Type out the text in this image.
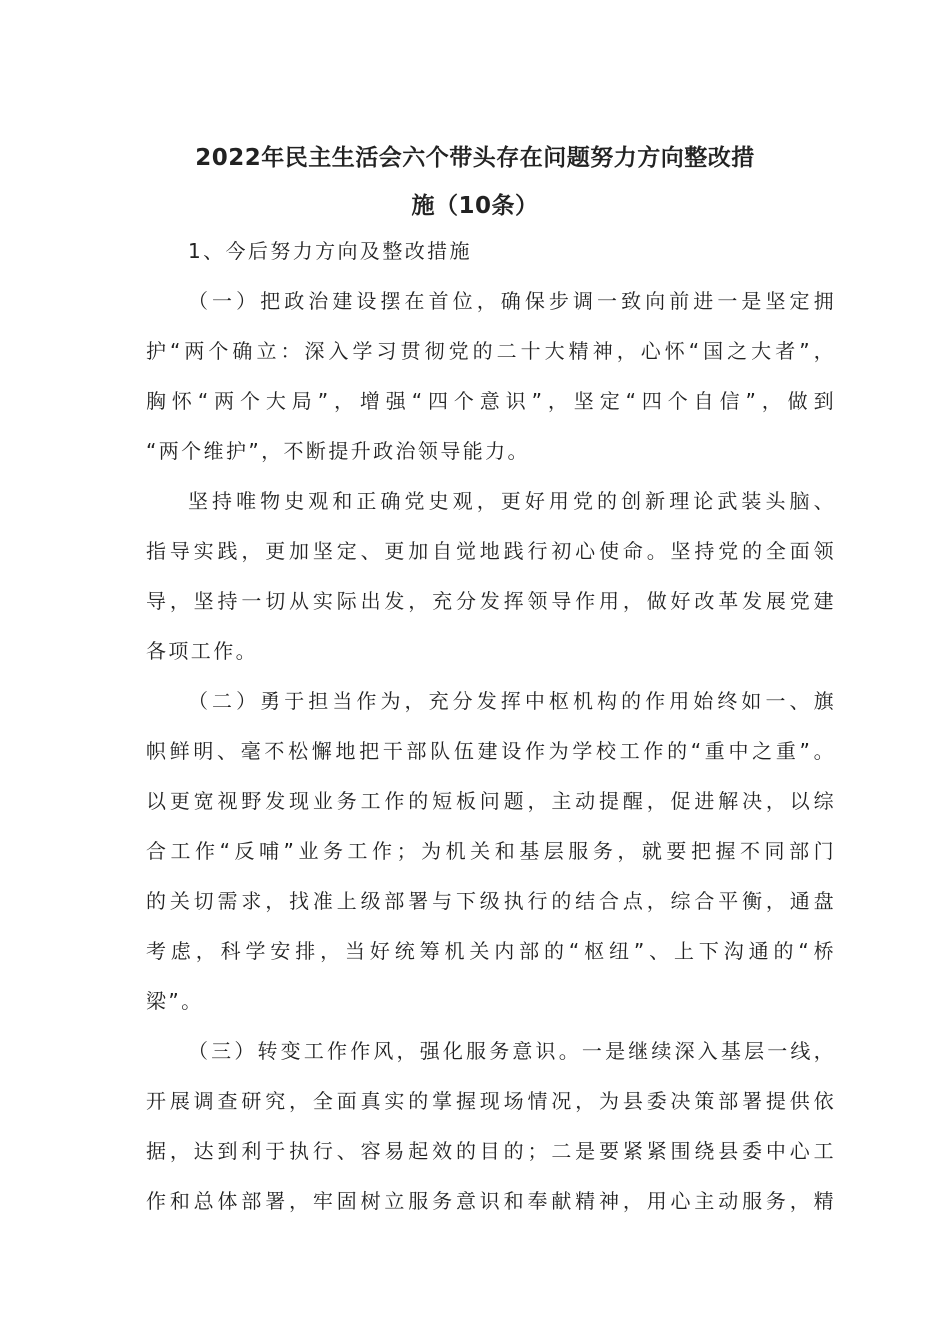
2022年民主生活会六个带头存在问题努力方向整改措
施（10条）

1、今后努力方向及整改措施

（一）把政治建设摆在首位，确保步调一致向前进一是坚定拥

护“两个确立：深入学习贯彻党的二十大精神，心怀“国之大者”，

胸怀“两个大局”，增强“四个意识”，坚定“四个自信”，做到

“两个维护”，不断提升政治领导能力。

坚持唯物史观和正确党史观，更好用党的创新理论武装头脑、

指导实践，更加坚定、更加自觉地践行初心使命。坚持党的全面领

导，坚持一切从实际出发，充分发挥领导作用，做好改革发展党建

各项工作。

（二）勇于担当作为，充分发挥中枢机构的作用始终如一、旗

帜鲜明、毫不松懈地把干部队伍建设作为学校工作的“重中之重”。

以更宽视野发现业务工作的短板问题，主动提醒，促进解决，以综

合工作“反哺”业务工作；为机关和基层服务，就要把握不同部门

的关切需求，找准上级部署与下级执行的结合点，综合平衡，通盘

考虑，科学安排，当好统筹机关内部的“枢纽”、上下沟通的“桥

梁”。

（三）转变工作作风，强化服务意识。一是继续深入基层一线，

开展调查研究，全面真实的掌握现场情况，为县委决策部署提供依

据，达到利于执行、容易起效的目的；二是要紧紧围绕县委中心工

作和总体部署，牢固树立服务意识和奉献精神，用心主动服务，精
